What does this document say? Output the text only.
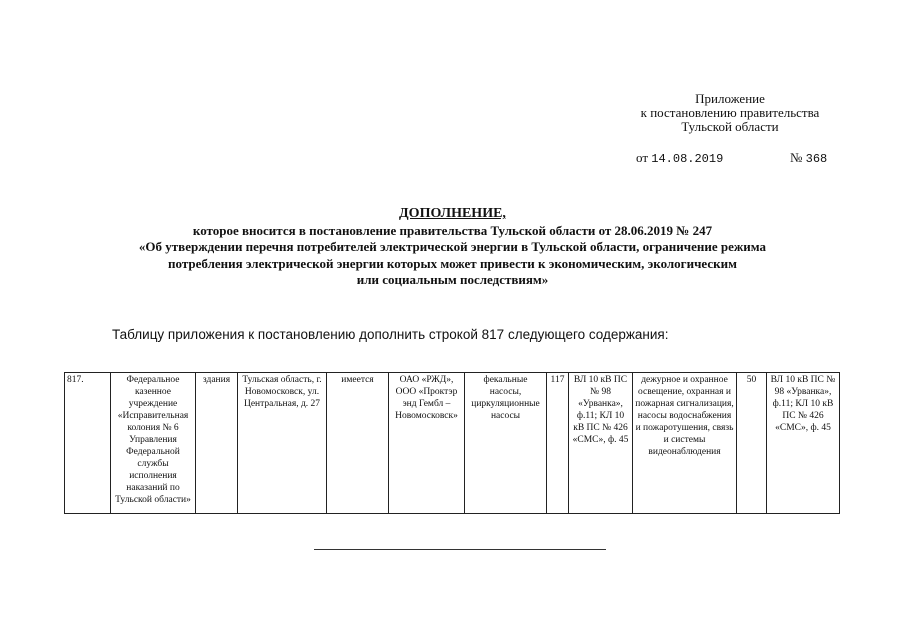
Приложение
к постановлению правительства
Тульской области
от 14.08.2019	№ 368
ДОПОЛНЕНИЕ,
которое вносится в постановление правительства Тульской области от 28.06.2019 № 247
«Об утверждении перечня потребителей электрической энергии в Тульской области, ограничение режима
потребления электрической энергии которых может привести к экономическим, экологическим
или социальным последствиям»
Таблицу приложения к постановлению дополнить строкой 817 следующего содержания:
817.	Федеральное казенное учреждение «Исправительная колония № 6 Управления Федеральной службы исполнения наказаний по Тульской области»	здания	Тульская область, г. Новомосковск, ул. Центральная, д. 27	имеется	ОАО «РЖД», ООО «Проктэр энд Гембл – Новомосковск»	фекальные насосы, циркуляционные насосы	117	ВЛ 10 кВ ПС № 98 «Урванка», ф.11; КЛ 10 кВ ПС № 426 «СМС», ф. 45	дежурное и охранное освещение, охранная и пожарная сигнализация, насосы водоснабжения и пожаротушения, связь и системы видеонаблюдения	50	ВЛ 10 кВ ПС № 98 «Урванка», ф.11; КЛ 10 кВ ПС № 426 «СМС», ф. 45
